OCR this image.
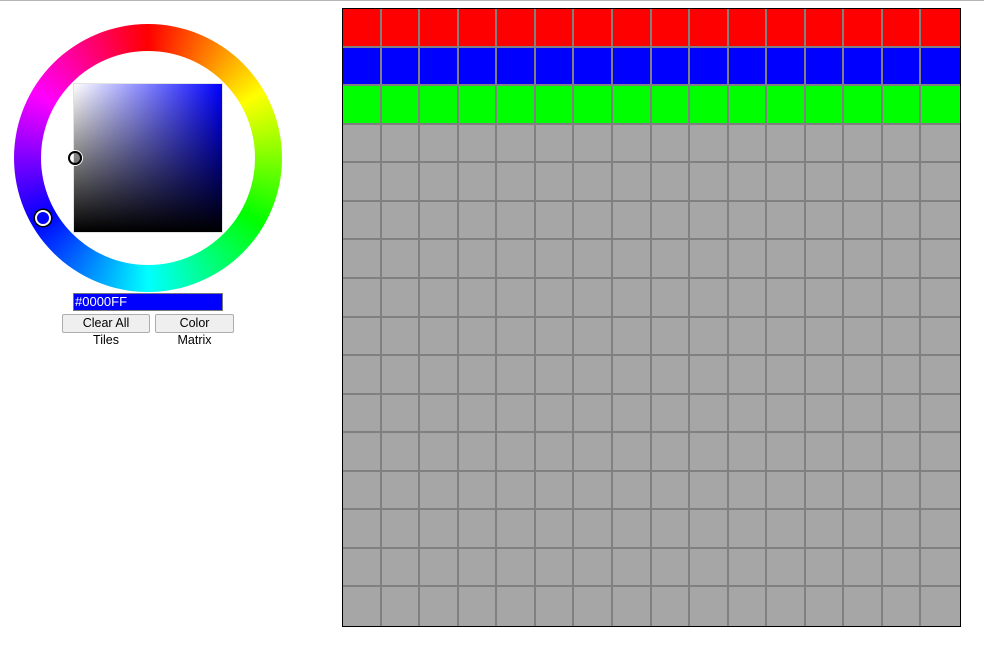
#0000FF
Clear All Tiles
Color Matrix
